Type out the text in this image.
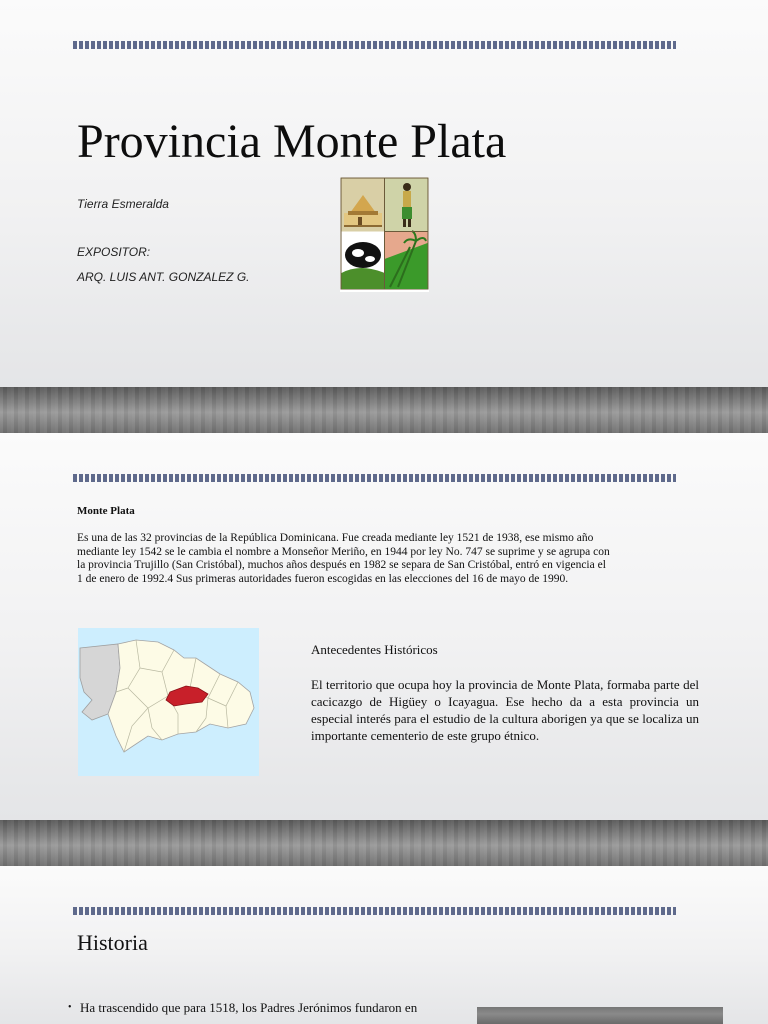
Provincia Monte Plata
Tierra Esmeralda
EXPOSITOR:
ARQ. LUIS ANT. GONZALEZ G.
Monte Plata
Es una de las 32 provincias de la República Dominicana. Fue creada mediante ley 1521 de 1938, ese mismo año
mediante ley 1542 se le cambia el nombre a Monseñor Meriño, en 1944 por ley No. 747 se suprime y se agrupa con
la provincia Trujillo (San Cristóbal), muchos años después en 1982 se separa de San Cristóbal, entró en vigencia el
1 de enero de 1992.4 Sus primeras autoridades fueron escogidas en las elecciones del 16 de mayo de 1990.
Antecedentes Históricos
El territorio que ocupa hoy la provincia de Monte Plata, formaba parte del cacicazgo de Higüey o Icayagua. Ese hecho da a esta provincia un especial interés para el estudio de la cultura aborigen ya que se localiza un importante cementerio de este grupo étnico.
Historia
• Ha trascendido que para 1518, los Padres Jerónimos fundaron en
